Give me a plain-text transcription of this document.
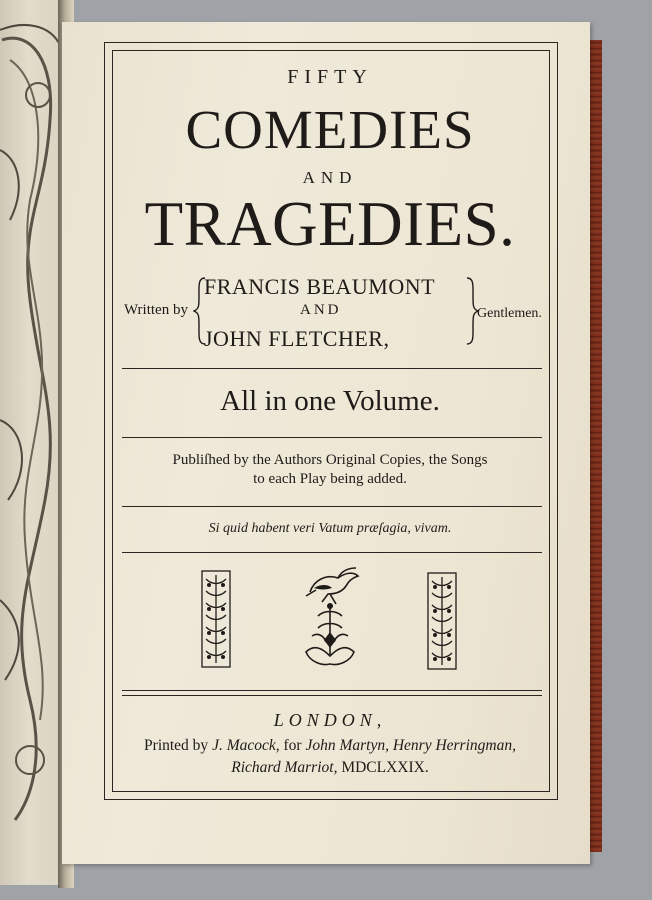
FIFTY
COMEDIES
AND
TRAGEDIES.
Written by
FRANCIS BEAUMONT
AND
JOHN FLETCHER,
Gentlemen.
All in one Volume.
Publiſhed by the Authors Original Copies, the Songs
to each Play being added.
Si quid habent veri Vatum præſagia, vivam.
LONDON,
Printed by J. Macock, for John Martyn, Henry Herringman,
Richard Marriot, MDCLXXIX.
